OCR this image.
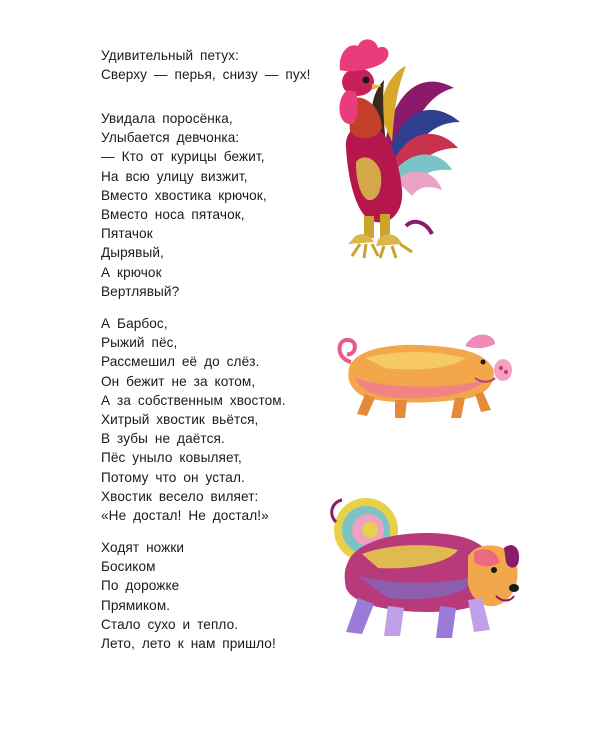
Удивительный петух:
Сверху — перья, снизу — пух!
Увидала поросёнка,
Улыбается девчонка:
— Кто от курицы бежит,
На всю улицу визжит,
Вместо хвостика крючок,
Вместо носа пятачок,
Пятачок
Дырявый,
А крючок
Вертлявый?
А Барбос,
Рыжий пёс,
Рассмешил её до слёз.
Он бежит не за котом,
А за собственным хвостом.
Хитрый хвостик вьётся,
В зубы не даётся.
Пёс уныло ковыляет,
Потому что он устал.
Хвостик весело виляет:
«Не достал! Не достал!»
Ходят ножки
Босиком
По дорожке
Прямиком.
Стало сухо и тепло.
Лето, лето к нам пришло!
